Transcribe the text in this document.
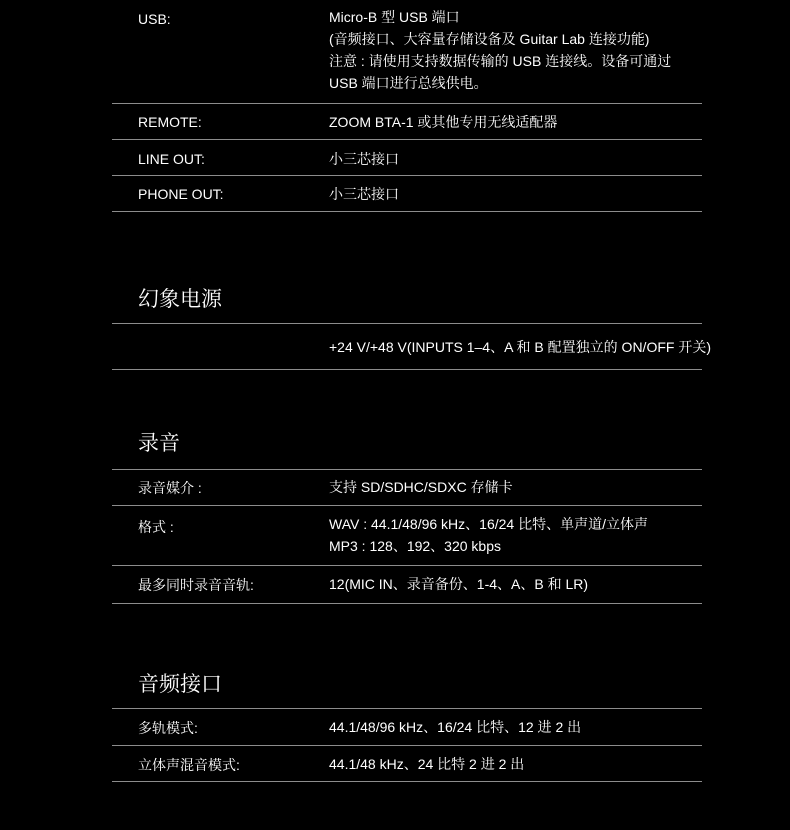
USB:	Micro-B 型 USB 端口
(音频接口、大容量存储设备及 Guitar Lab 连接功能)
注意 : 请使用支持数据传输的 USB 连接线。设备可通过
USB 端口进行总线供电。
REMOTE:	ZOOM BTA-1 或其他专用无线适配器
LINE OUT:	小三芯接口
PHONE OUT:	小三芯接口
幻象电源
+24 V/+48 V(INPUTS 1–4、A 和 B 配置独立的 ON/OFF 开关)
录音
录音媒介 :	支持 SD/SDHC/SDXC 存储卡
格式 :	WAV : 44.1/48/96 kHz、16/24 比特、单声道/立体声
MP3 : 128、192、320 kbps
最多同时录音音轨:	12(MIC IN、录音备份、1-4、A、B 和 LR)
音频接口
多轨模式:	44.1/48/96 kHz、16/24 比特、12 进 2 出
立体声混音模式:	44.1/48 kHz、24 比特 2 进 2 出
